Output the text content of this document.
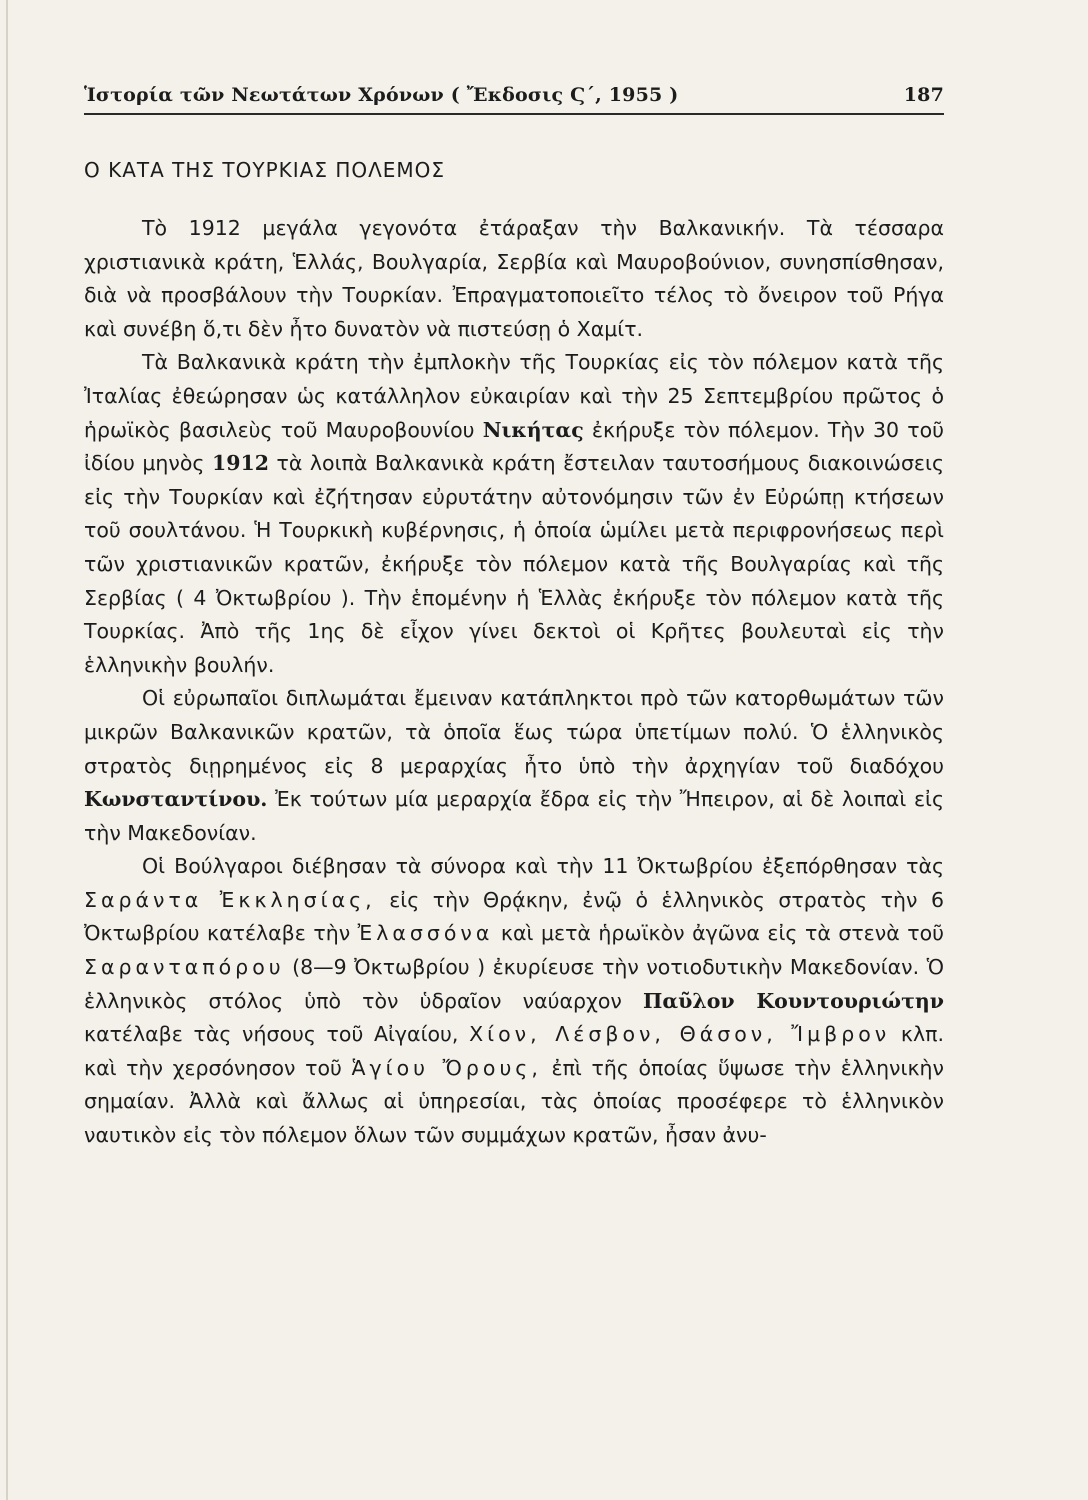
Ἱστορία τῶν Νεωτάτων Χρόνων ( Ἔκδοσις Ϛ΄, 1955 )	187
Ο ΚΑΤΑ ΤΗΣ ΤΟΥΡΚΙΑΣ ΠΟΛΕΜΟΣ

Τὸ 1912 μεγάλα γεγονότα ἐτάραξαν τὴν Βαλκανικήν. Τὰ τέσσαρα χριστιανικὰ κράτη, Ἑλλάς, Βουλγαρία, Σερβία καὶ Μαυροβούνιον, συνησπίσθησαν, διὰ νὰ προσβάλουν τὴν Τουρκίαν. Ἐπραγματοποιεῖτο τέλος τὸ ὄνειρον τοῦ Ρήγα καὶ συνέβη ὅ,τι δὲν ἦτο δυνατὸν νὰ πιστεύσῃ ὁ Χαμίτ.

Τὰ Βαλκανικὰ κράτη τὴν ἐμπλοκὴν τῆς Τουρκίας εἰς τὸν πόλεμον κατὰ τῆς Ἰταλίας ἐθεώρησαν ὡς κατάλληλον εὐκαιρίαν καὶ τὴν 25 Σεπτεμβρίου πρῶτος ὁ ἡρωϊκὸς βασιλεὺς τοῦ Μαυροβουνίου Νικήτας ἐκήρυξε τὸν πόλεμον. Τὴν 30 τοῦ ἰδίου μηνὸς 1912 τὰ λοιπὰ Βαλκανικὰ κράτη ἔστειλαν ταυτοσήμους διακοινώσεις εἰς τὴν Τουρκίαν καὶ ἐζήτησαν εὐρυτάτην αὐτονόμησιν τῶν ἐν Εὐρώπῃ κτήσεων τοῦ σουλτάνου. Ἡ Τουρκικὴ κυβέρνησις, ἡ ὁποία ὡμίλει μετὰ περιφρονήσεως περὶ τῶν χριστιανικῶν κρατῶν, ἐκήρυξε τὸν πόλεμον κατὰ τῆς Βουλγαρίας καὶ τῆς Σερβίας ( 4 Ὀκτωβρίου ). Τὴν ἑπομένην ἡ Ἑλλὰς ἐκήρυξε τὸν πόλεμον κατὰ τῆς Τουρκίας. Ἀπὸ τῆς 1ης δὲ εἶχον γίνει δεκτοὶ οἱ Κρῆτες βουλευταὶ εἰς τὴν ἑλληνικὴν βουλήν.

Οἱ εὐρωπαῖοι διπλωμάται ἔμειναν κατάπληκτοι πρὸ τῶν κατορθωμάτων τῶν μικρῶν Βαλκανικῶν κρατῶν, τὰ ὁποῖα ἕως τώρα ὑπετίμων πολύ. Ὁ ἑλληνικὸς στρατὸς διῃρημένος εἰς 8 μεραρχίας ἦτο ὑπὸ τὴν ἀρχηγίαν τοῦ διαδόχου Κωνσταντίνου. Ἐκ τούτων μία μεραρχία ἔδρα εἰς τὴν Ἤπειρον, αἱ δὲ λοιπαὶ εἰς τὴν Μακεδονίαν.

Οἱ Βούλγαροι διέβησαν τὰ σύνορα καὶ τὴν 11 Ὀκτωβρίου ἐξεπόρθησαν τὰς Σαράντα Ἐκκλησίας, εἰς τὴν Θρᾴκην, ἐνῷ ὁ ἑλληνικὸς στρατὸς τὴν 6 Ὀκτωβρίου κατέλαβε τὴν Ἐλασσόνα καὶ μετὰ ἡρωϊκὸν ἀγῶνα εἰς τὰ στενὰ τοῦ Σαρανταπόρου (8—9 Ὀκτωβρίου ) ἐκυρίευσε τὴν νοτιοδυτικὴν Μακεδονίαν. Ὁ ἑλληνικὸς στόλος ὑπὸ τὸν ὑδραῖον ναύαρχον Παῦλον Κουντουριώτην κατέλαβε τὰς νήσους τοῦ Αἰγαίου, Χίον, Λέσβον, Θάσον, Ἴμβρον κλπ. καὶ τὴν χερσόνησον τοῦ Ἁγίου Ὄρους, ἐπὶ τῆς ὁποίας ὕψωσε τὴν ἑλληνικὴν σημαίαν. Ἀλλὰ καὶ ἄλλως αἱ ὑπηρεσίαι, τὰς ὁποίας προσέφερε τὸ ἑλληνικὸν ναυτικὸν εἰς τὸν πόλεμον ὅλων τῶν συμμάχων κρατῶν, ἦσαν ἀνυ-
